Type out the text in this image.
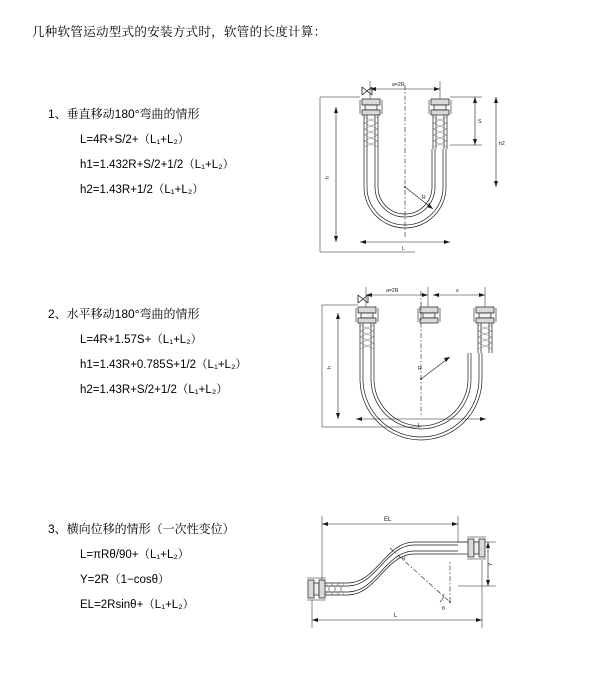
几种软管运动型式的安装方式时，软管的长度计算：
1、垂直移动180°弯曲的情形
L=4R+S/2+（L₁+L₂）
h1=1.432R+S/2+1/2（L₁+L₂）
h2=1.43R+1/2（L₁+L₂）
a=2R
S
h
h2
R
L
2、水平移动180°弯曲的情形
L=4R+1.57S+（L₁+L₂）
h1=1.43R+0.785S+1/2（L₁+L₂）
h2=1.43R+S/2+1/2（L₁+L₂）
a=2R	s
h	R
L
3、横向位移的情形（一次性变位）
L=πRθ/90+（L₁+L₂）
Y=2R（1−cosθ）
EL=2Rsinθ+（L₁+L₂）
EL
Y
θ
R
L
